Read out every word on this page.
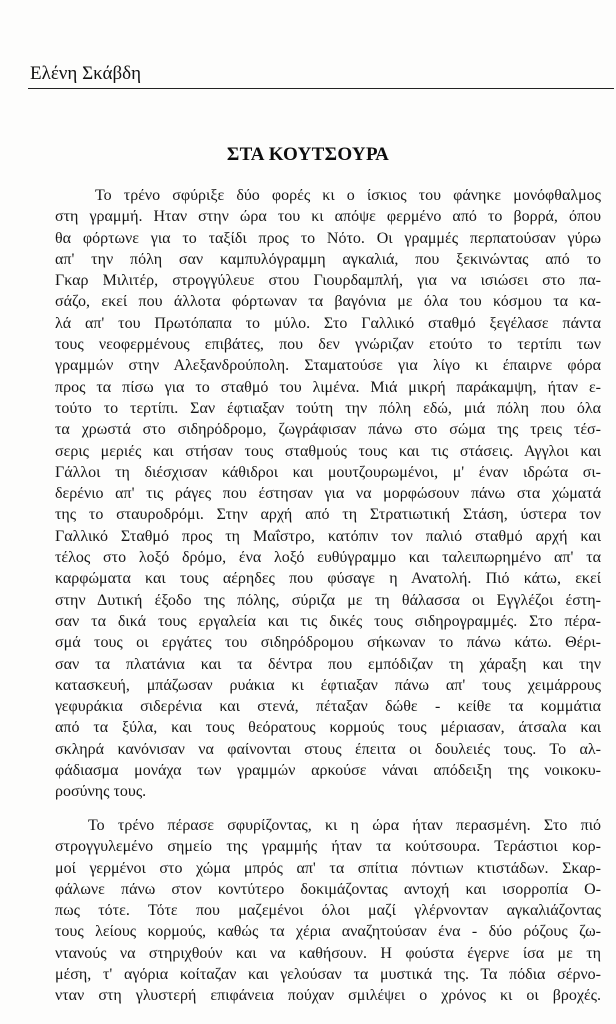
Ελένη Σκάβδη
ΣΤΑ ΚΟΥΤΣΟΥΡΑ
Το τρένο σφύριξε δύο φορές κι ο ίσκιος του φάνηκε μονόφθαλμος
στη γραμμή. Ηταν στην ώρα του κι απόψε φερμένο από το βορρά, όπου
θα φόρτωνε για το ταξίδι προς το Νότο. Οι γραμμές περπατούσαν γύρω
απ' την πόλη σαν καμπυλόγραμμη αγκαλιά, που ξεκινώντας από το
Γκαρ Μιλιτέρ, στρογγύλευε στου Γιουρδαμπλή, για να ισιώσει στο πα-
σάζο, εκεί που άλλοτα φόρτωναν τα βαγόνια με όλα του κόσμου τα κα-
λά απ' του Πρωτόπαπα το μύλο. Στο Γαλλικό σταθμό ξεγέλασε πάντα
τους νεοφερμένους επιβάτες, που δεν γνώριζαν ετούτο το τερτίπι των
γραμμών στην Αλεξανδρούπολη. Σταματούσε για λίγο κι έπαιρνε φόρα
προς τα πίσω για το σταθμό του λιμένα. Μιά μικρή παράκαμψη, ήταν ε-
τούτο το τερτίπι. Σαν έφτιαξαν τούτη την πόλη εδώ, μιά πόλη που όλα
τα χρωστά στο σιδηρόδρομο, ζωγράφισαν πάνω στο σώμα της τρεις τέσ-
σερις μεριές και στήσαν τους σταθμούς τους και τις στάσεις. Αγγλοι και
Γάλλοι τη διέσχισαν κάθιδροι και μουτζουρωμένοι, μ' έναν ιδρώτα σι-
δερένιο απ' τις ράγες που έστησαν για να μορφώσουν πάνω στα χώματά
της το σταυροδρόμι. Στην αρχή από τη Στρατιωτική Στάση, ύστερα τον
Γαλλικό Σταθμό προς τη Μαΐστρο, κατόπιν τον παλιό σταθμό αρχή και
τέλος στο λοξό δρόμο, ένα λοξό ευθύγραμμο και ταλειπωρημένο απ' τα
καρφώματα και τους αέρηδες που φύσαγε η Ανατολή. Πιό κάτω, εκεί
στην Δυτική έξοδο της πόλης, σύριζα με τη θάλασσα οι Εγγλέζοι έστη-
σαν τα δικά τους εργαλεία και τις δικές τους σιδηρογραμμές. Στο πέρα-
σμά τους οι εργάτες του σιδηρόδρομου σήκωναν το πάνω κάτω. Θέρι-
σαν τα πλατάνια και τα δέντρα που εμπόδιζαν τη χάραξη και την
κατασκευή, μπάζωσαν ρυάκια κι έφτιαξαν πάνω απ' τους χειμάρρους
γεφυράκια σιδερένια και στενά, πέταξαν δώθε - κείθε τα κομμάτια
από τα ξύλα, και τους θεόρατους κορμούς τους μέριασαν, άτσαλα και
σκληρά κανόνισαν να φαίνονται στους έπειτα οι δουλειές τους. Το αλ-
φάδιασμα μονάχα των γραμμών αρκούσε νάναι απόδειξη της νοικοκυ-
ροσύνης τους.
Το τρένο πέρασε σφυρίζοντας, κι η ώρα ήταν περασμένη. Στο πιό
στρογγυλεμένο σημείο της γραμμής ήταν τα κούτσουρα. Τεράστιοι κορ-
μοί γερμένοι στο χώμα μπρός απ' τα σπίτια πόντιων κτιστάδων. Σκαρ-
φάλωνε πάνω στον κοντύτερο δοκιμάζοντας αντοχή και ισορροπία Ο-
πως τότε. Τότε που μαζεμένοι όλοι μαζί γλέρνονταν αγκαλιάζοντας
τους λείους κορμούς, καθώς τα χέρια αναζητούσαν ένα - δύο ρόζους ζω-
ντανούς να στηριχθούν και να καθήσουν. Η φούστα έγερνε ίσα με τη
μέση, τ' αγόρια κοίταζαν και γελούσαν τα μυστικά της. Τα πόδια σέρνο-
νταν στη γλυστερή επιφάνεια πούχαν σμιλέψει ο χρόνος κι οι βροχές.
